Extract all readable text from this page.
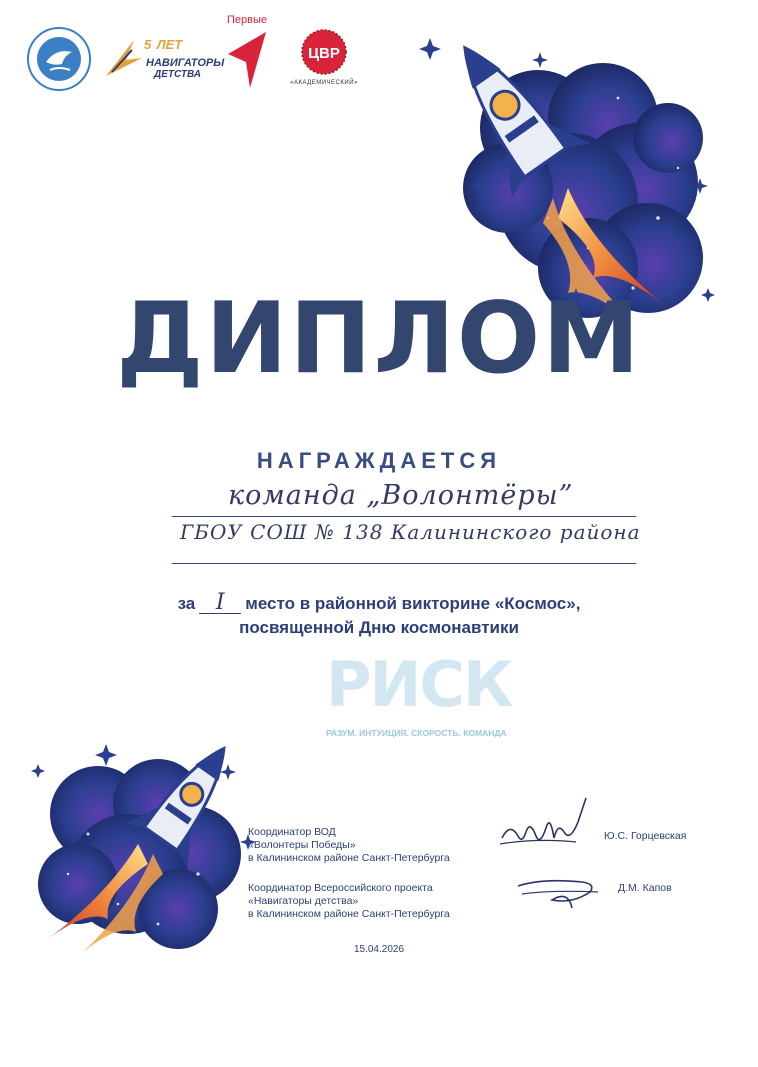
5 ЛЕТ
НАВИГАТОРЫ
ДЕТСТВА
Первые
ЦВР
«АКАДЕМИЧЕСКИЙ»
ДИПЛОМ
НАГРАЖДАЕТСЯ
команда „Волонтёры”
ГБОУ СОШ № 138 Калининского района
за I место в районной викторине «Космос»,
посвященной Дню космонавтики
РИСК
РАЗУМ. ИНТУИЦИЯ. СКОРОСТЬ. КОМАНДА
Координатор ВОД
«Волонтеры Победы»
в Калининском районе Санкт-Петербурга
Ю.С. Горцевская
Координатор Всероссийского проекта
«Навигаторы детства»
в Калининском районе Санкт-Петербурга
Д.М. Капов
15.04.2026
